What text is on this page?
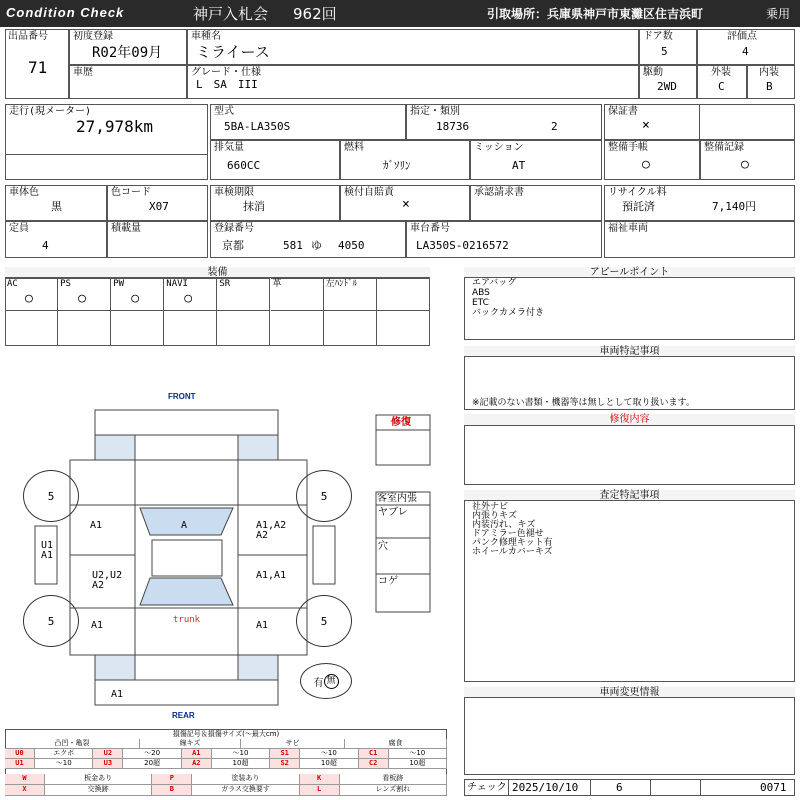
Condition Check	神戸入札会 962回	引取場所：兵庫県神戸市東灘区住吉浜町	乗用
出品番号
71
初度登録
R02年09月
車歴
車種名
ミライース
グレード・仕様
L　SA　III
ドア数
5
評価点
4
駆動
2WD
外装
C
内装
B
走行(現メーター)
27,978km
型式
5BA-LA350S
指定・類別
18736	2
排気量
660CC
燃料
ｶﾞｿﾘﾝ
ミッション
AT
保証書
×
整備手帳
○
整備記録
○
車体色
黒
色コード
X07
定員
4
積載量
車検期限
抹消
検付自賠責
×
承認請求書
登録番号
京都	581 ゆ 4050
車台番号
LA350S-0216572
リサイクル料
預託済	7,140円
福祉車両
装備
AC
○
PS
○
PW
○
NAVI
○
SR	革	左ﾊﾝﾄﾞﾙ
アピールポイント
エアバッグ
ABS
ETC
バックカメラ付き
車両特記事項
※記載のない書類・機器等は無しとして取り扱います。
修復内容
査定特記事項
社外ナビ
内張りキズ
内装汚れ、キズ
ドアミラー色褪せ
パンク修理キット有
ホイールカバーキズ
車両変更情報
チェック 2025/10/10	6	0071
FRONT
REAR
修復
客室内張
ヤブレ
穴
コゲ
5	5
5	5
有 無
A
A1	A1,A2
A2
U2,U2
A2
A1,A1
A1	A1
A1
U1
A1
trunk
損傷記号＆損傷サイズ(〜最大cm)
凸凹・亀裂	線キズ	サビ	腐食
U0	エクボ	U2	〜20	A1	〜10	S1	〜10	C1	〜10
U1	〜10	U3	20超	A2	10超	S2	10超	C2	10超
W	板金あり	P	塗装あり	K	看板跡
X	交換跡	B	ガラス交換要す	L	レンズ割れ
